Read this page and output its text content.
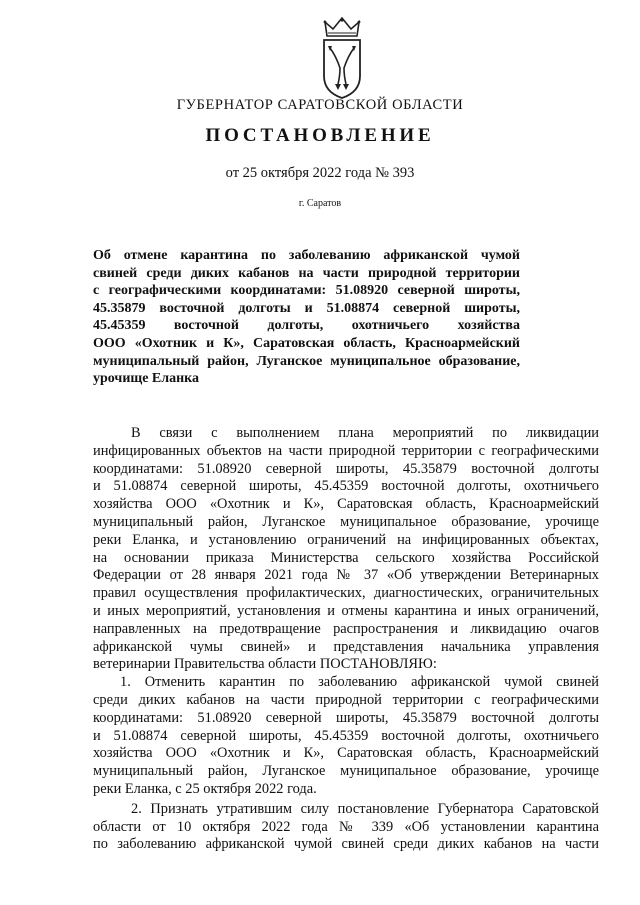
ГУБЕРНАТОР САРАТОВСКОЙ ОБЛАСТИ
ПОСТАНОВЛЕНИЕ
от 25 октября 2022 года № 393
г. Саратов
Об отмене карантина по заболеванию африканской чумой
свиней среди диких кабанов на части природной территории
с географическими координатами: 51.08920 северной широты,
45.35879 восточной долготы и 51.08874 северной широты,
45.45359 восточной долготы, охотничьего хозяйства
ООО «Охотник и К», Саратовская область, Красноармейский
муниципальный район, Луганское муниципальное образование,
урочище Еланка
В связи с выполнением плана мероприятий по ликвидации
инфицированных объектов на части природной территории с географическими
координатами: 51.08920 северной широты, 45.35879 восточной долготы
и 51.08874 северной широты, 45.45359 восточной долготы, охотничьего
хозяйства ООО «Охотник и К», Саратовская область, Красноармейский
муниципальный район, Луганское муниципальное образование, урочище
реки Еланка, и установлению ограничений на инфицированных объектах,
на основании приказа Министерства сельского хозяйства Российской
Федерации от 28 января 2021 года № 37 «Об утверждении Ветеринарных
правил осуществления профилактических, диагностических, ограничительных
и иных мероприятий, установления и отмены карантина и иных ограничений,
направленных на предотвращение распространения и ликвидацию очагов
африканской чумы свиней» и представления начальника управления
ветеринарии Правительства области ПОСТАНОВЛЯЮ:
1. Отменить карантин по заболеванию африканской чумой свиней
среди диких кабанов на части природной территории с географическими
координатами: 51.08920 северной широты, 45.35879 восточной долготы
и 51.08874 северной широты, 45.45359 восточной долготы, охотничьего
хозяйства ООО «Охотник и К», Саратовская область, Красноармейский
муниципальный район, Луганское муниципальное образование, урочище
реки Еланка, с 25 октября 2022 года.
2. Признать утратившим силу постановление Губернатора Саратовской
области от 10 октября 2022 года № 339 «Об установлении карантина
по заболеванию африканской чумой свиней среди диких кабанов на части
